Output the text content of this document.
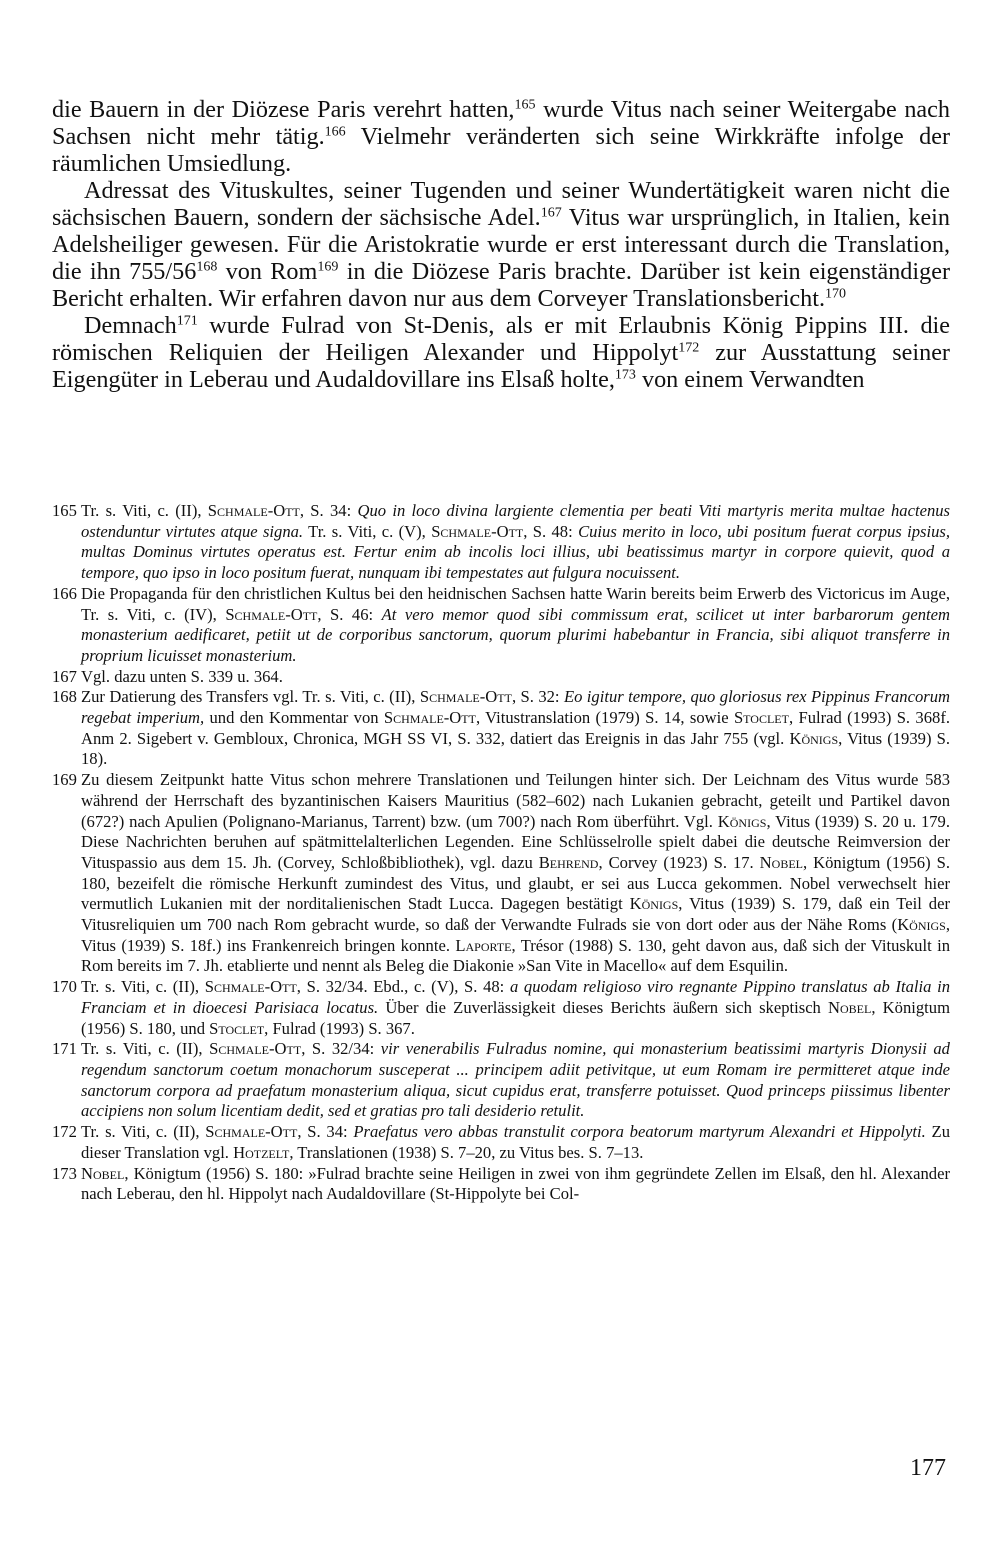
die Bauern in der Diözese Paris verehrt hatten,$^{165}$ wurde Vitus nach seiner Weitergabe nach Sachsen nicht mehr tätig.$^{166}$ Vielmehr veränderten sich seine Wirkkräfte infolge der räumlichen Umsiedlung.

Adressat des Vituskultes, seiner Tugenden und seiner Wundertätigkeit waren nicht die sächsischen Bauern, sondern der sächsische Adel.$^{167}$ Vitus war ursprünglich, in Italien, kein Adelsheiliger gewesen. Für die Aristokratie wurde er erst interessant durch die Translation, die ihn $755/56^{168}$ von Rom$^{169}$ in die Diözese Paris brachte. Darüber ist kein eigenständiger Bericht erhalten. Wir erfahren davon nur aus dem Corveyer Translationsbericht.$^{170}$

Demnach$^{171}$ wurde Fulrad von St-Denis, als er mit Erlaubnis König Pippins III. die römischen Reliquien der Heiligen Alexander und Hippolyt$^{172}$ zur Ausstattung seiner Eigengüter in Leberau und Audaldovillare ins Elsaß holte,$^{173}$ von einem Verwandten

165 Tr. s. Viti, c. (II), Schmale-Ott, S. 34: Quo in loco divina largiente clementia per beati Viti martyris merita multae hactenus ostenduntur virtutes atque signa. Tr. s. Viti, c. (V), Schmale-Ott, S. 48: Cuius merito in loco, ubi positum fuerat corpus ipsius, multas Dominus virtutes operatus est. Fertur enim ab incolis loci illius, ubi beatissimus martyr in corpore quievit, quod a tempore, quo ipso in loco positum fuerat, nunquam ibi tempestates aut fulgura nocuissent.
166 Die Propaganda für den christlichen Kultus bei den heidnischen Sachsen hatte Warin bereits beim Erwerb des Victoricus im Auge, Tr. s. Viti, c. (IV), Schmale-Ott, S. 46: At vero memor quod sibi commissum erat, scilicet ut inter barbarorum gentem monasterium aedificaret, petiit ut de corporibus sanctorum, quorum plurimi habebantur in Francia, sibi aliquot transferre in proprium licuisset monasterium.
167 Vgl. dazu unten S. 339 u. 364.
168 Zur Datierung des Transfers vgl. Tr. s. Viti, c. (II), Schmale-Ott, S. 32: Eo igitur tempore, quo gloriosus rex Pippinus Francorum regebat imperium, und den Kommentar von Schmale-Ott, Vitustranslation (1979) S. 14, sowie Stoclet, Fulrad (1993) S. 368f. Anm 2. Sigebert v. Gembloux, Chronica, MGH SS VI, S. 332, datiert das Ereignis in das Jahr 755 (vgl. Königs, Vitus (1939) S. 18).
169 Zu diesem Zeitpunkt hatte Vitus schon mehrere Translationen und Teilungen hinter sich. Der Leichnam des Vitus wurde 583 während der Herrschaft des byzantinischen Kaisers Mauritius (582–602) nach Lukanien gebracht, geteilt und Partikel davon (672?) nach Apulien (Polignano-Marianus, Tarrent) bzw. (um 700?) nach Rom überführt. Vgl. Königs, Vitus (1939) S. 20 u. 179. Diese Nachrichten beruhen auf spätmittelalterlichen Legenden. Eine Schlüsselrolle spielt dabei die deutsche Reimversion der Vituspassio aus dem 15. Jh. (Corvey, Schloßbibliothek), vgl. dazu Behrend, Corvey (1923) S. 17. Nobel, Königtum (1956) S. 180, bezeifelt die römische Herkunft zumindest des Vitus, und glaubt, er sei aus Lucca gekommen. Nobel verwechselt hier vermutlich Lukanien mit der norditalienischen Stadt Lucca. Dagegen bestätigt Königs, Vitus (1939) S. 179, daß ein Teil der Vitusreliquien um 700 nach Rom gebracht wurde, so daß der Verwandte Fulrads sie von dort oder aus der Nähe Roms (Königs, Vitus (1939) S. 18f.) ins Frankenreich bringen konnte. Laporte, Trésor (1988) S. 130, geht davon aus, daß sich der Vituskult in Rom bereits im 7. Jh. etablierte und nennt als Beleg die Diakonie »San Vite in Macello« auf dem Esquilin.
170 Tr. s. Viti, c. (II), Schmale-Ott, S. 32/34. Ebd., c. (V), S. 48: a quodam religioso viro regnante Pippino translatus ab Italia in Franciam et in dioecesi Parisiaca locatus. Über die Zuverlässigkeit dieses Berichts äußern sich skeptisch Nobel, Königtum (1956) S. 180, und Stoclet, Fulrad (1993) S. 367.
171 Tr. s. Viti, c. (II), Schmale-Ott, S. 32/34: vir venerabilis Fulradus nomine, qui monasterium beatissimi martyris Dionysii ad regendum sanctorum coetum monachorum susceperat ... principem adiit petivitque, ut eum Romam ire permitteret atque inde sanctorum corpora ad praefatum monasterium aliqua, sicut cupidus erat, transferre potuisset. Quod princeps piissimus libenter accipiens non solum licentiam dedit, sed et gratias pro tali desiderio retulit.
172 Tr. s. Viti, c. (II), Schmale-Ott, S. 34: Praefatus vero abbas transtulit corpora beatorum martyrum Alexandri et Hippolyti. Zu dieser Translation vgl. Hotzelt, Translationen (1938) S. 7–20, zu Vitus bes. S. 7–13.
173 Nobel, Königtum (1956) S. 180: »Fulrad brachte seine Heiligen in zwei von ihm gegründete Zellen im Elsaß, den hl. Alexander nach Leberau, den hl. Hippolyt nach Audaldovillare (St-Hippolyte bei Col-
177
